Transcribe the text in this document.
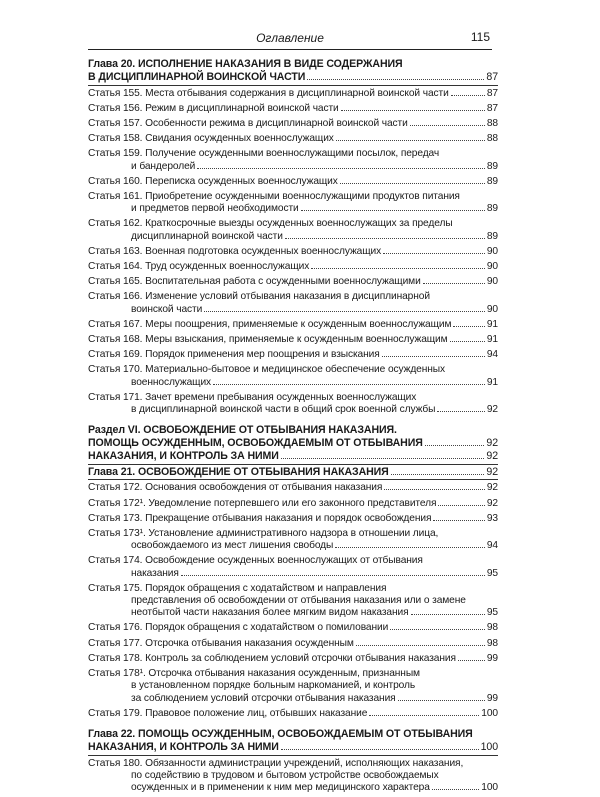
Оглавление	115
Глава 20. ИСПОЛНЕНИЕ НАКАЗАНИЯ В ВИДЕ СОДЕРЖАНИЯ
В ДИСЦИПЛИНАРНОЙ ВОИНСКОЙ ЧАСТИ	87
Статья 155. Места отбывания содержания в дисциплинарной воинской части	87
Статья 156. Режим в дисциплинарной воинской части	87
Статья 157. Особенности режима в дисциплинарной воинской части	88
Статья 158. Свидания осужденных военнослужащих	88
Статья 159. Получение осужденными военнослужащими посылок, передач
и бандеролей	89
Статья 160. Переписка осужденных военнослужащих	89
Статья 161. Приобретение осужденными военнослужащими продуктов питания
и предметов первой необходимости	89
Статья 162. Краткосрочные выезды осужденных военнослужащих за пределы
дисциплинарной воинской части	89
Статья 163. Военная подготовка осужденных военнослужащих	90
Статья 164. Труд осужденных военнослужащих	90
Статья 165. Воспитательная работа с осужденными военнослужащими	90
Статья 166. Изменение условий отбывания наказания в дисциплинарной
воинской части	90
Статья 167. Меры поощрения, применяемые к осужденным военнослужащим	91
Статья 168. Меры взыскания, применяемые к осужденным военнослужащим	91
Статья 169. Порядок применения мер поощрения и взыскания	94
Статья 170. Материально-бытовое и медицинское обеспечение осужденных
военнослужащих	91
Статья 171. Зачет времени пребывания осужденных военнослужащих
в дисциплинарной воинской части в общий срок военной службы	92
Раздел VI. ОСВОБОЖДЕНИЕ ОТ ОТБЫВАНИЯ НАКАЗАНИЯ.
ПОМОЩЬ ОСУЖДЕННЫМ, ОСВОБОЖДАЕМЫМ ОТ ОТБЫВАНИЯ	92
НАКАЗАНИЯ, И КОНТРОЛЬ ЗА НИМИ	92
Глава 21. ОСВОБОЖДЕНИЕ ОТ ОТБЫВАНИЯ НАКАЗАНИЯ	92
Статья 172. Основания освобождения от отбывания наказания	92
Статья 172¹. Уведомление потерпевшего или его законного представителя	92
Статья 173. Прекращение отбывания наказания и порядок освобождения	93
Статья 173¹. Установление административного надзора в отношении лица,
освобождаемого из мест лишения свободы	94
Статья 174. Освобождение осужденных военнослужащих от отбывания
наказания	95
Статья 175. Порядок обращения с ходатайством и направления
представления об освобождении от отбывания наказания или о замене
неотбытой части наказания более мягким видом наказания	95
Статья 176. Порядок обращения с ходатайством о помиловании	98
Статья 177. Отсрочка отбывания наказания осужденным	98
Статья 178. Контроль за соблюдением условий отсрочки отбывания наказания	99
Статья 178¹. Отсрочка отбывания наказания осужденным, признанным
в установленном порядке больным наркоманией, и контроль
за соблюдением условий отсрочки отбывания наказания	99
Статья 179. Правовое положение лиц, отбывших наказание	100
Глава 22. ПОМОЩЬ ОСУЖДЕННЫМ, ОСВОБОЖДАЕМЫМ ОТ ОТБЫВАНИЯ
НАКАЗАНИЯ, И КОНТРОЛЬ ЗА НИМИ	100
Статья 180. Обязанности администрации учреждений, исполняющих наказания,
по содействию в трудовом и бытовом устройстве освобождаемых
осужденных и в применении к ним мер медицинского характера	100
